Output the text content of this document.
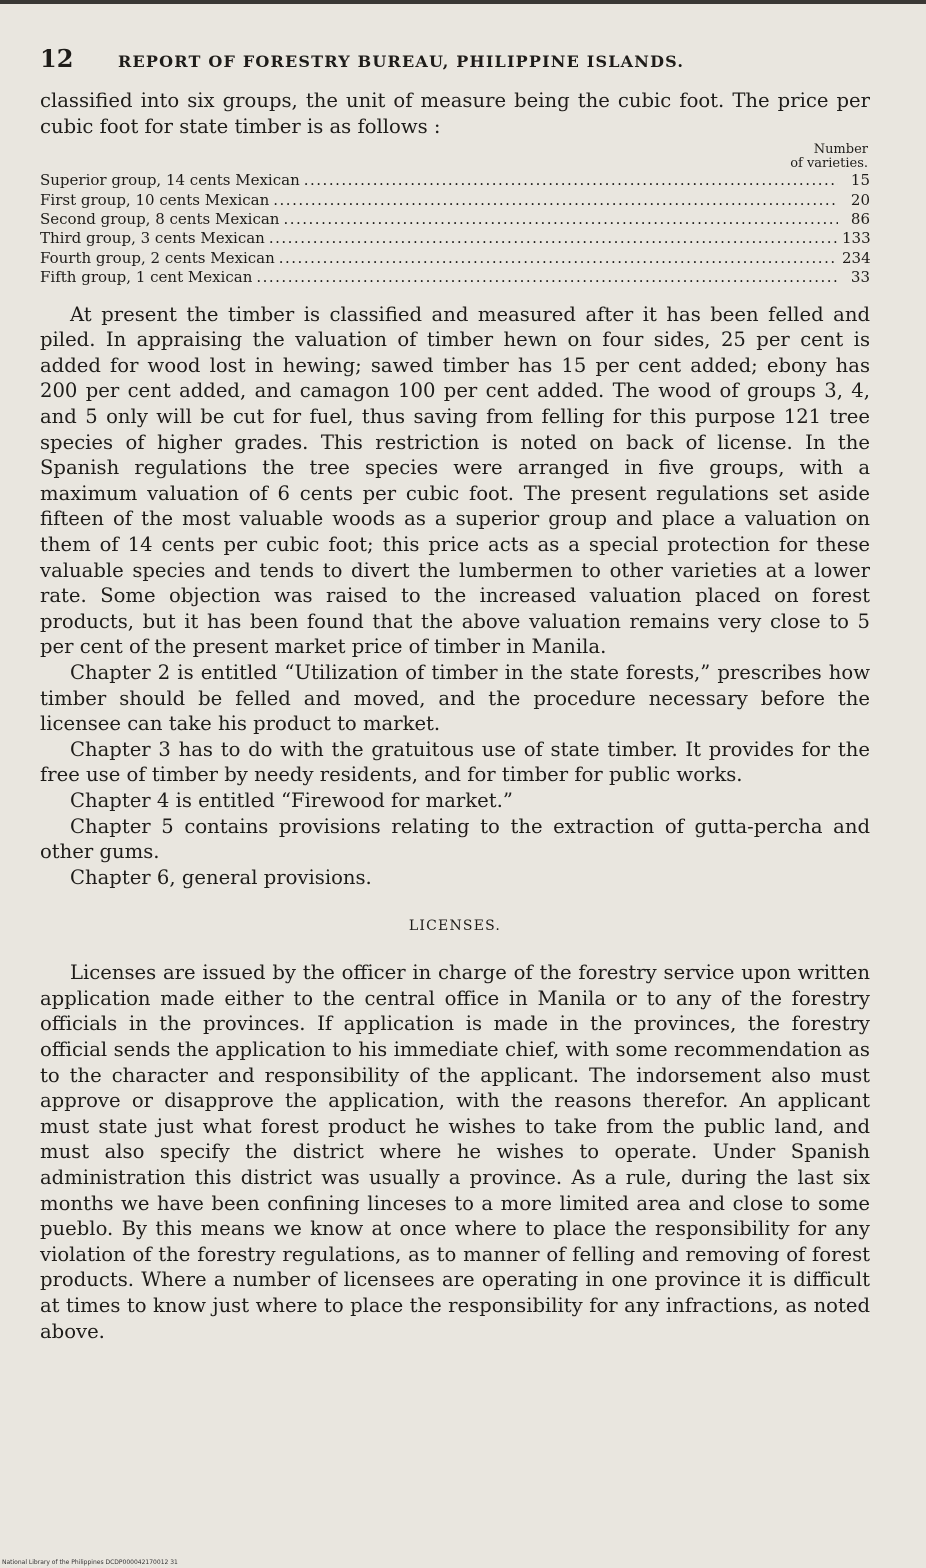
12	REPORT OF FORESTRY BUREAU, PHILIPPINE ISLANDS.

classified into six groups, the unit of measure being the cubic foot. The price per cubic foot for state timber is as follows :

Number
of varieties.
Superior group, 14 cents Mexican .....	15
First group, 10 cents Mexican .....	20
Second group, 8 cents Mexican .....	86
Third group, 3 cents Mexican .....	133
Fourth group, 2 cents Mexican .....	234
Fifth group, 1 cent Mexican .....	33

At present the timber is classified and measured after it has been felled and piled. In appraising the valuation of timber hewn on four sides, 25 per cent is added for wood lost in hewing; sawed timber has 15 per cent added; ebony has 200 per cent added, and camagon 100 per cent added. The wood of groups 3, 4, and 5 only will be cut for fuel, thus saving from felling for this purpose 121 tree species of higher grades. This restriction is noted on back of license. In the Spanish regulations the tree species were arranged in five groups, with a maximum valuation of 6 cents per cubic foot. The present regulations set aside fifteen of the most valuable woods as a superior group and place a valuation on them of 14 cents per cubic foot; this price acts as a special protection for these valuable species and tends to divert the lumbermen to other varieties at a lower rate. Some objection was raised to the increased valuation placed on forest products, but it has been found that the above valuation remains very close to 5 per cent of the present market price of timber in Manila.

Chapter 2 is entitled “Utilization of timber in the state forests,” prescribes how timber should be felled and moved, and the procedure necessary before the licensee can take his product to market.

Chapter 3 has to do with the gratuitous use of state timber. It provides for the free use of timber by needy residents, and for timber for public works.

Chapter 4 is entitled “Firewood for market.”

Chapter 5 contains provisions relating to the extraction of gutta-percha and other gums.

Chapter 6, general provisions.

LICENSES.

Licenses are issued by the officer in charge of the forestry service upon written application made either to the central office in Manila or to any of the forestry officials in the provinces. If application is made in the provinces, the forestry official sends the application to his immediate chief, with some recommendation as to the character and responsibility of the applicant. The indorsement also must approve or disapprove the application, with the reasons therefor. An applicant must state just what forest product he wishes to take from the public land, and must also specify the district where he wishes to operate. Under Spanish administration this district was usually a province. As a rule, during the last six months we have been confining linceses to a more limited area and close to some pueblo. By this means we know at once where to place the responsibility for any violation of the forestry regulations, as to manner of felling and removing of forest products. Where a number of licensees are operating in one province it is difficult at times to know just where to place the responsibility for any infractions, as noted above.

National Library of the Philippines DCDP000042170012 31
